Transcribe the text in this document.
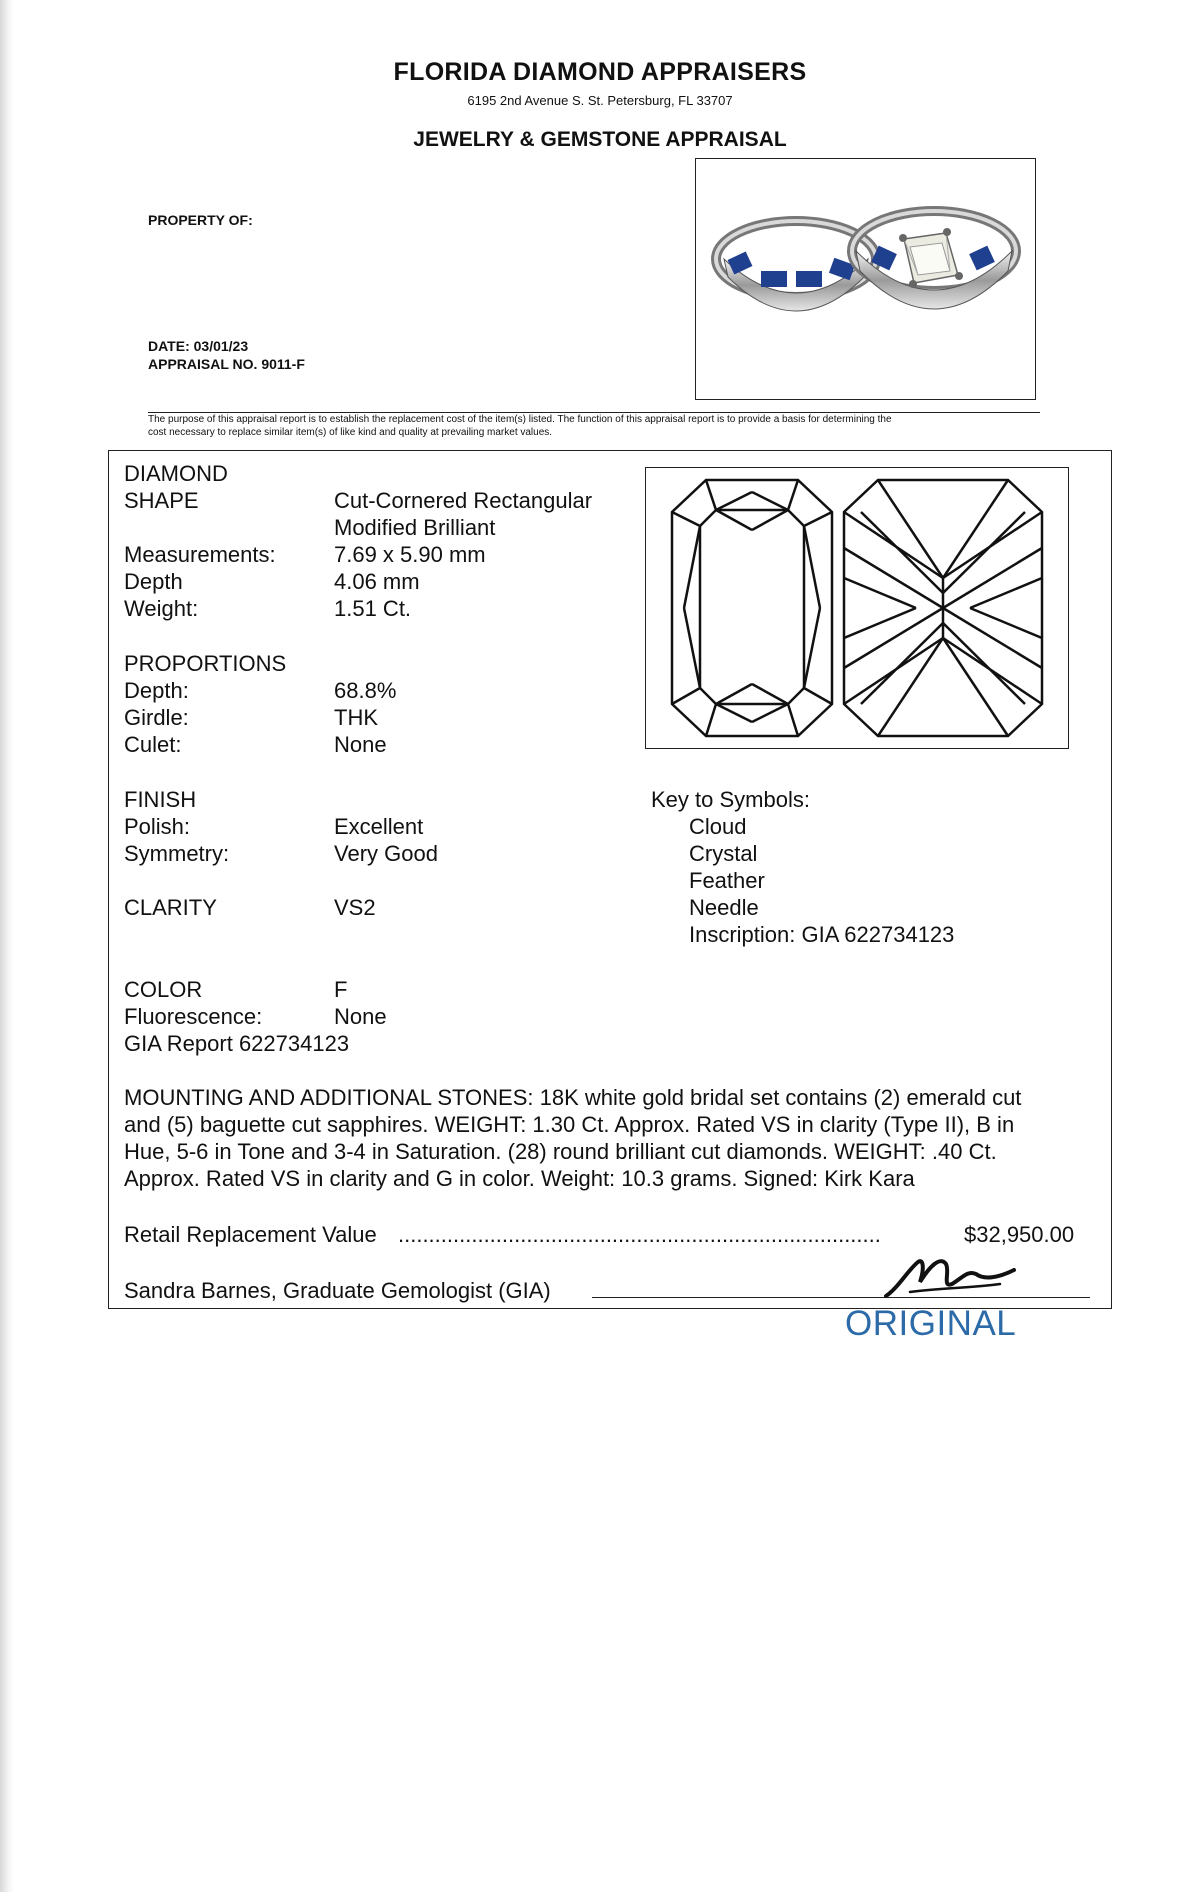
FLORIDA DIAMOND APPRAISERS
6195 2nd Avenue S. St. Petersburg, FL 33707
JEWELRY & GEMSTONE APPRAISAL
PROPERTY OF:
DATE: 03/01/23
APPRAISAL NO. 9011-F
The purpose of this appraisal report is to establish the replacement cost of the item(s) listed. The function of this appraisal report is to provide a basis for determining the
cost necessary to replace similar item(s) of like kind and quality at prevailing market values.
DIAMOND
SHAPE	Cut-Cornered Rectangular
Modified Brilliant
Measurements:	7.69 x 5.90 mm
Depth	4.06 mm
Weight:	1.51 Ct.
PROPORTIONS
Depth:	68.8%
Girdle:	THK
Culet:	None
FINISH
Polish:	Excellent
Symmetry:	Very Good
CLARITY	VS2
COLOR	F
Fluorescence:	None
GIA Report 622734123
Key to Symbols:
Cloud
Crystal
Feather
Needle
Inscription: GIA 622734123
MOUNTING AND ADDITIONAL STONES: 18K white gold bridal set contains (2) emerald cut
and (5) baguette cut sapphires. WEIGHT: 1.30 Ct. Approx. Rated VS in clarity (Type II), B in
Hue, 5-6 in Tone and 3-4 in Saturation. (28) round brilliant cut diamonds. WEIGHT: .40 Ct.
Approx. Rated VS in clarity and G in color. Weight: 10.3 grams. Signed: Kirk Kara
Retail Replacement Value ...............................................................................	$32,950.00
Sandra Barnes, Graduate Gemologist (GIA)
ORIGINAL
